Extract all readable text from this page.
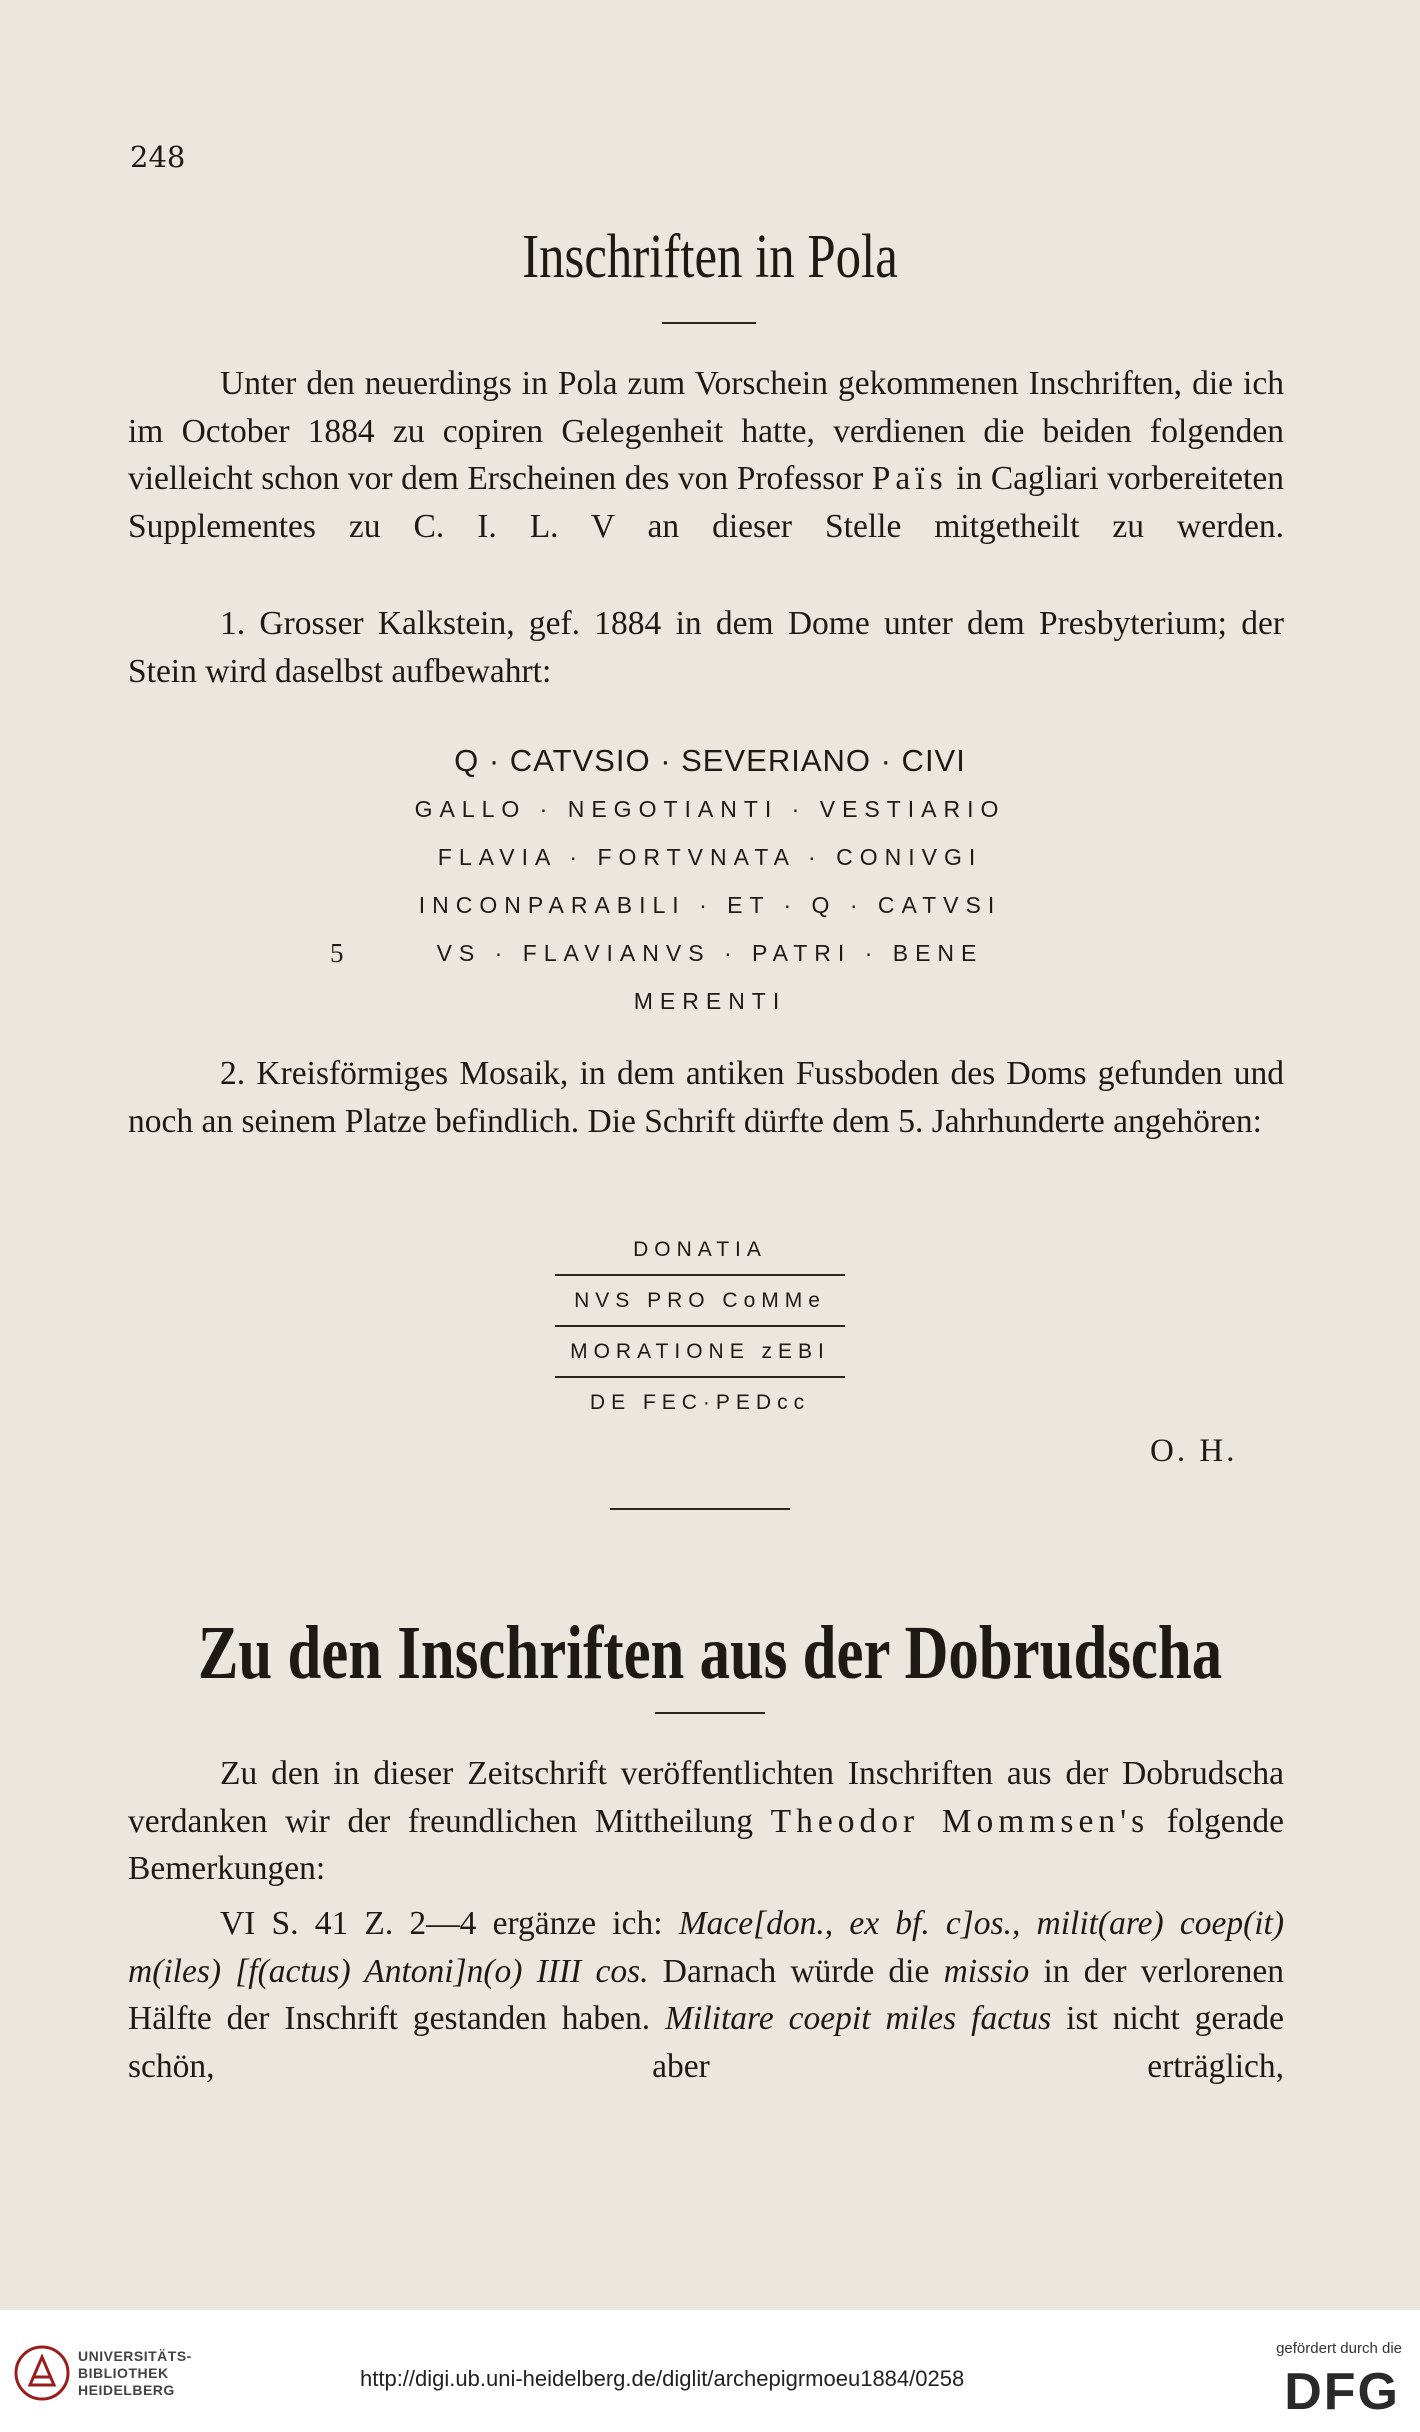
248
Inschriften in Pola
Unter den neuerdings in Pola zum Vorschein gekommenen Inschriften, die ich im October 1884 zu copiren Gelegenheit hatte, verdienen die beiden folgenden vielleicht schon vor dem Erscheinen des von Professor Païs in Cagliari vorbereiteten Supplementes zu C. I. L. V an dieser Stelle mitgetheilt zu werden.
1. Grosser Kalkstein, gef. 1884 in dem Dome unter dem Presbyterium; der Stein wird daselbst aufbewahrt:
Q · CATVSIO · SEVERIANO · CIVI
GALLO · NEGOTIANTI · VESTIARIO
FLAVIA · FORTVNATA · CONIVGI
INCONPARABILI · ET · Q · CATVSI
5	VS · FLAVIANVS · PATRI · BENE
MERENTI
2. Kreisförmiges Mosaik, in dem antiken Fussboden des Doms gefunden und noch an seinem Platze befindlich. Die Schrift dürfte dem 5. Jahrhunderte angehören:
DONATIA
NVS PRO CoMMe
MORATIONE zEBI
DE FEC·PEDcc
O. H.
Zu den Inschriften aus der Dobrudscha
Zu den in dieser Zeitschrift veröffentlichten Inschriften aus der Dobrudscha verdanken wir der freundlichen Mittheilung Theodor Mommsen's folgende Bemerkungen:
VI S. 41 Z. 2—4 ergänze ich: Mace[don., ex bf. c]os., milit(are) coep(it) m(iles) [f(actus) Antoni]n(o) IIII cos. Darnach würde die missio in der verlorenen Hälfte der Inschrift gestanden haben. Militare coepit miles factus ist nicht gerade schön, aber erträglich,
UNIVERSITÄTS-
BIBLIOTHEK
HEIDELBERG	http://digi.ub.uni-heidelberg.de/diglit/archepigrmoeu1884/0258
gefördert durch die
DFG
